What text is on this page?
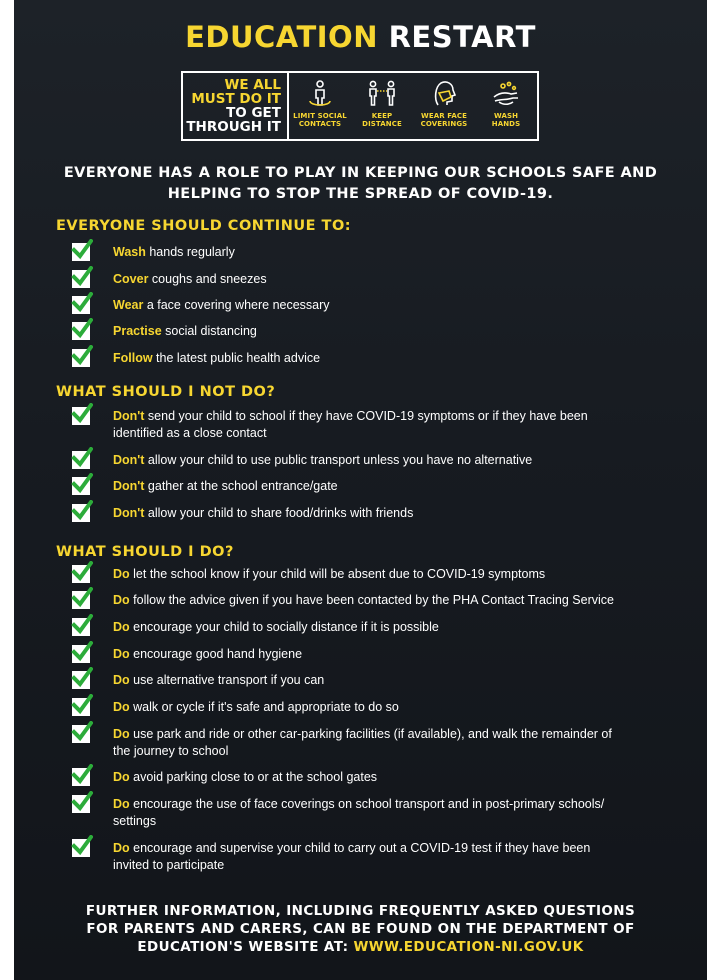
EDUCATION RESTART
WE ALL
MUST DO IT
TO GET
THROUGH IT
LIMIT SOCIAL
CONTACTS
KEEP
DISTANCE
WEAR FACE
COVERINGS
WASH
HANDS
EVERYONE HAS A ROLE TO PLAY IN KEEPING OUR SCHOOLS SAFE AND
HELPING TO STOP THE SPREAD OF COVID-19.
EVERYONE SHOULD CONTINUE TO:
Wash hands regularly
Cover coughs and sneezes
Wear a face covering where necessary
Practise social distancing
Follow the latest public health advice
WHAT SHOULD I NOT DO?
Don't send your child to school if they have COVID-19 symptoms or if they have been identified as a close contact
Don't allow your child to use public transport unless you have no alternative
Don't gather at the school entrance/gate
Don't allow your child to share food/drinks with friends
WHAT SHOULD I DO?
Do let the school know if your child will be absent due to COVID-19 symptoms
Do follow the advice given if you have been contacted by the PHA Contact Tracing Service
Do encourage your child to socially distance if it is possible
Do encourage good hand hygiene
Do use alternative transport if you can
Do walk or cycle if it's safe and appropriate to do so
Do use park and ride or other car-parking facilities (if available), and walk the remainder of the journey to school
Do avoid parking close to or at the school gates
Do encourage the use of face coverings on school transport and in post-primary schools/ settings
Do encourage and supervise your child to carry out a COVID-19 test if they have been invited to participate
FURTHER INFORMATION, INCLUDING FREQUENTLY ASKED QUESTIONS
FOR PARENTS AND CARERS, CAN BE FOUND ON THE DEPARTMENT OF
EDUCATION'S WEBSITE AT: WWW.EDUCATION-NI.GOV.UK
